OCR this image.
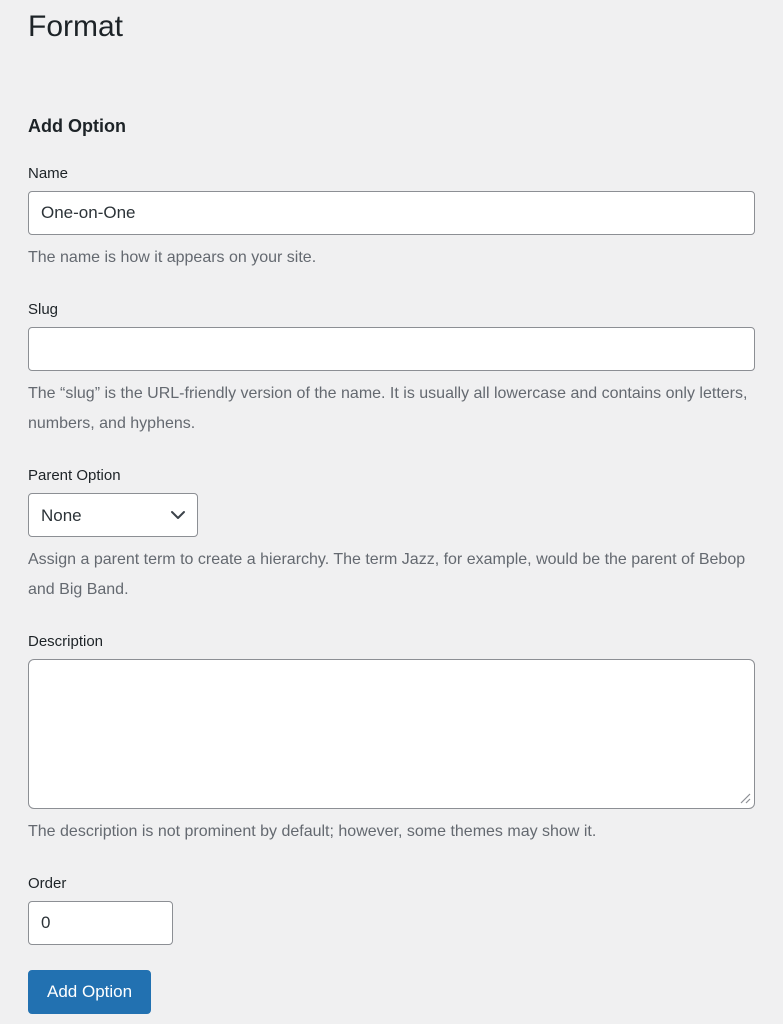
Format
Add Option
Name
One-on-One

The name is how it appears on your site.

Slug

The “slug” is the URL-friendly version of the name. It is usually all lowercase and contains only letters, numbers, and hyphens.

Parent Option
None

Assign a parent term to create a hierarchy. The term Jazz, for example, would be the parent of Bebop and Big Band.

Description

The description is not prominent by default; however, some themes may show it.

Order
0
Add Option
